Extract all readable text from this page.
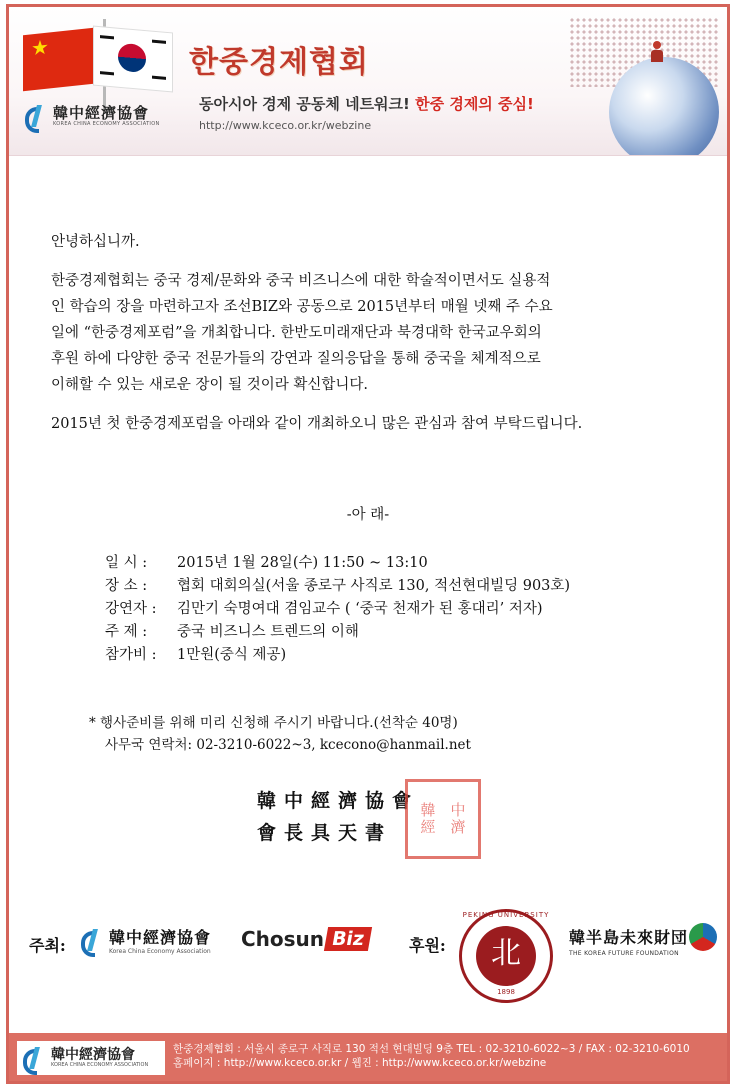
★
韓中經濟協會
KOREA CHINA ECONOMY ASSOCIATION
한중경제협회
동아시아 경제 공동체 네트워크! 한중 경제의 중심!
http://www.kceco.or.kr/webzine

안녕하십니까.

한중경제협회는 중국 경제/문화와 중국 비즈니스에 대한 학술적이면서도 실용적
인 학습의 장을 마련하고자 조선BIZ와 공동으로 2015년부터 매월 넷째 주 수요
일에 “한중경제포럼”을 개최합니다. 한반도미래재단과 북경대학 한국교우회의
후원 하에 다양한 중국 전문가들의 강연과 질의응답을 통해 중국을 체계적으로
이해할 수 있는 새로운 장이 될 것이라 확신합니다.

2015년 첫 한중경제포럼을 아래와 같이 개최하오니 많은 관심과 참여 부탁드립니다.

-아 래-
일 시 :	2015년 1월 28일(수) 11:50 ~ 13:10
장 소 :	협회 대회의실(서울 종로구 사직로 130, 적선현대빌딩 903호)
강연자 :	김만기 숙명여대 겸임교수 ( ‘중국 천재가 된 홍대리’ 저자)
주 제 :	중국 비즈니스 트렌드의 이해
참가비 :	1만원(중식 제공)
* 행사준비를 위해 미리 신청해 주시기 바랍니다.(선착순 40명)
사무국 연락처: 02-3210-6022~3, kcecono@hanmail.net
韓中經濟協會
會長具天書
韓 中
經 濟
주최:	韓中經濟協會
Korea China Economy Association
Chosun Biz	후원:
PEKING UNIVERSITY
北
1898
韓半島未來財団
THE KOREA FUTURE FOUNDATION
韓中經濟協會
KOREA CHINA ECONOMY ASSOCIATION
한중경제협회 : 서울시 종로구 사직로 130 적선 현대빌딩 9층 TEL : 02-3210-6022~3 / FAX : 02-3210-6010
홈페이지 : http://www.kceco.or.kr / 웹진 : http://www.kceco.or.kr/webzine
